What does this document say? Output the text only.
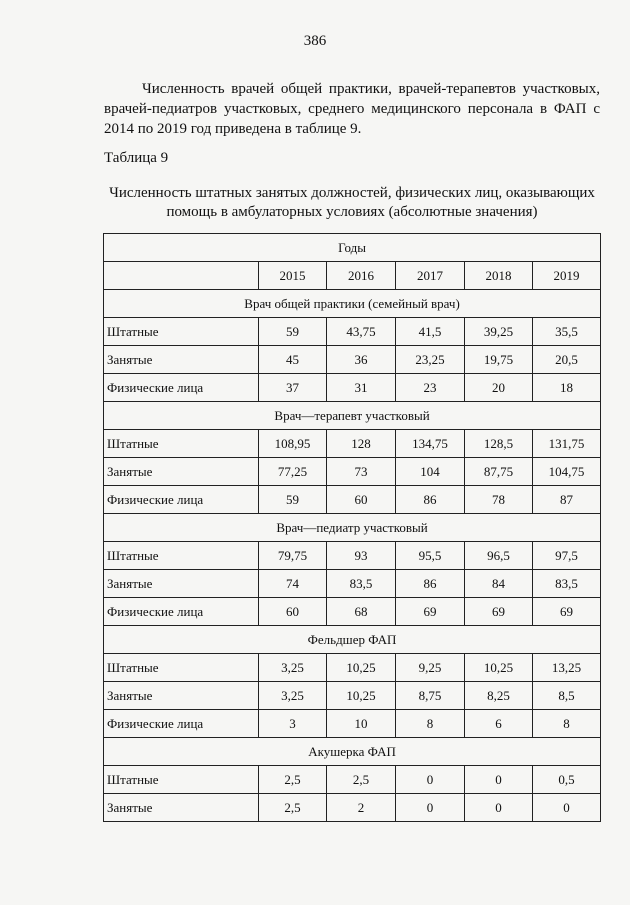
386

Численность врачей общей практики, врачей-терапевтов участковых, врачей-педиатров участковых, среднего медицинского персонала в ФАП с 2014 по 2019 год приведена в таблице 9.

Таблица 9
Численность штатных занятых должностей, физических лиц, оказывающих помощь в амбулаторных условиях (абсолютные значения)
Годы					
	2015	2016	2017	2018	2019
Врач общей практики (семейный врач)					
Штатные	59	43,75	41,5	39,25	35,5
Занятые	45	36	23,25	19,75	20,5
Физические лица	37	31	23	20	18
Врач—терапевт участковый					
Штатные	108,95	128	134,75	128,5	131,75
Занятые	77,25	73	104	87,75	104,75
Физические лица	59	60	86	78	87
Врач—педиатр участковый					
Штатные	79,75	93	95,5	96,5	97,5
Занятые	74	83,5	86	84	83,5
Физические лица	60	68	69	69	69
Фельдшер ФАП					
Штатные	3,25	10,25	9,25	10,25	13,25
Занятые	3,25	10,25	8,75	8,25	8,5
Физические лица	3	10	8	6	8
Акушерка ФАП					
Штатные	2,5	2,5	0	0	0,5
Занятые	2,5	2	0	0	0
